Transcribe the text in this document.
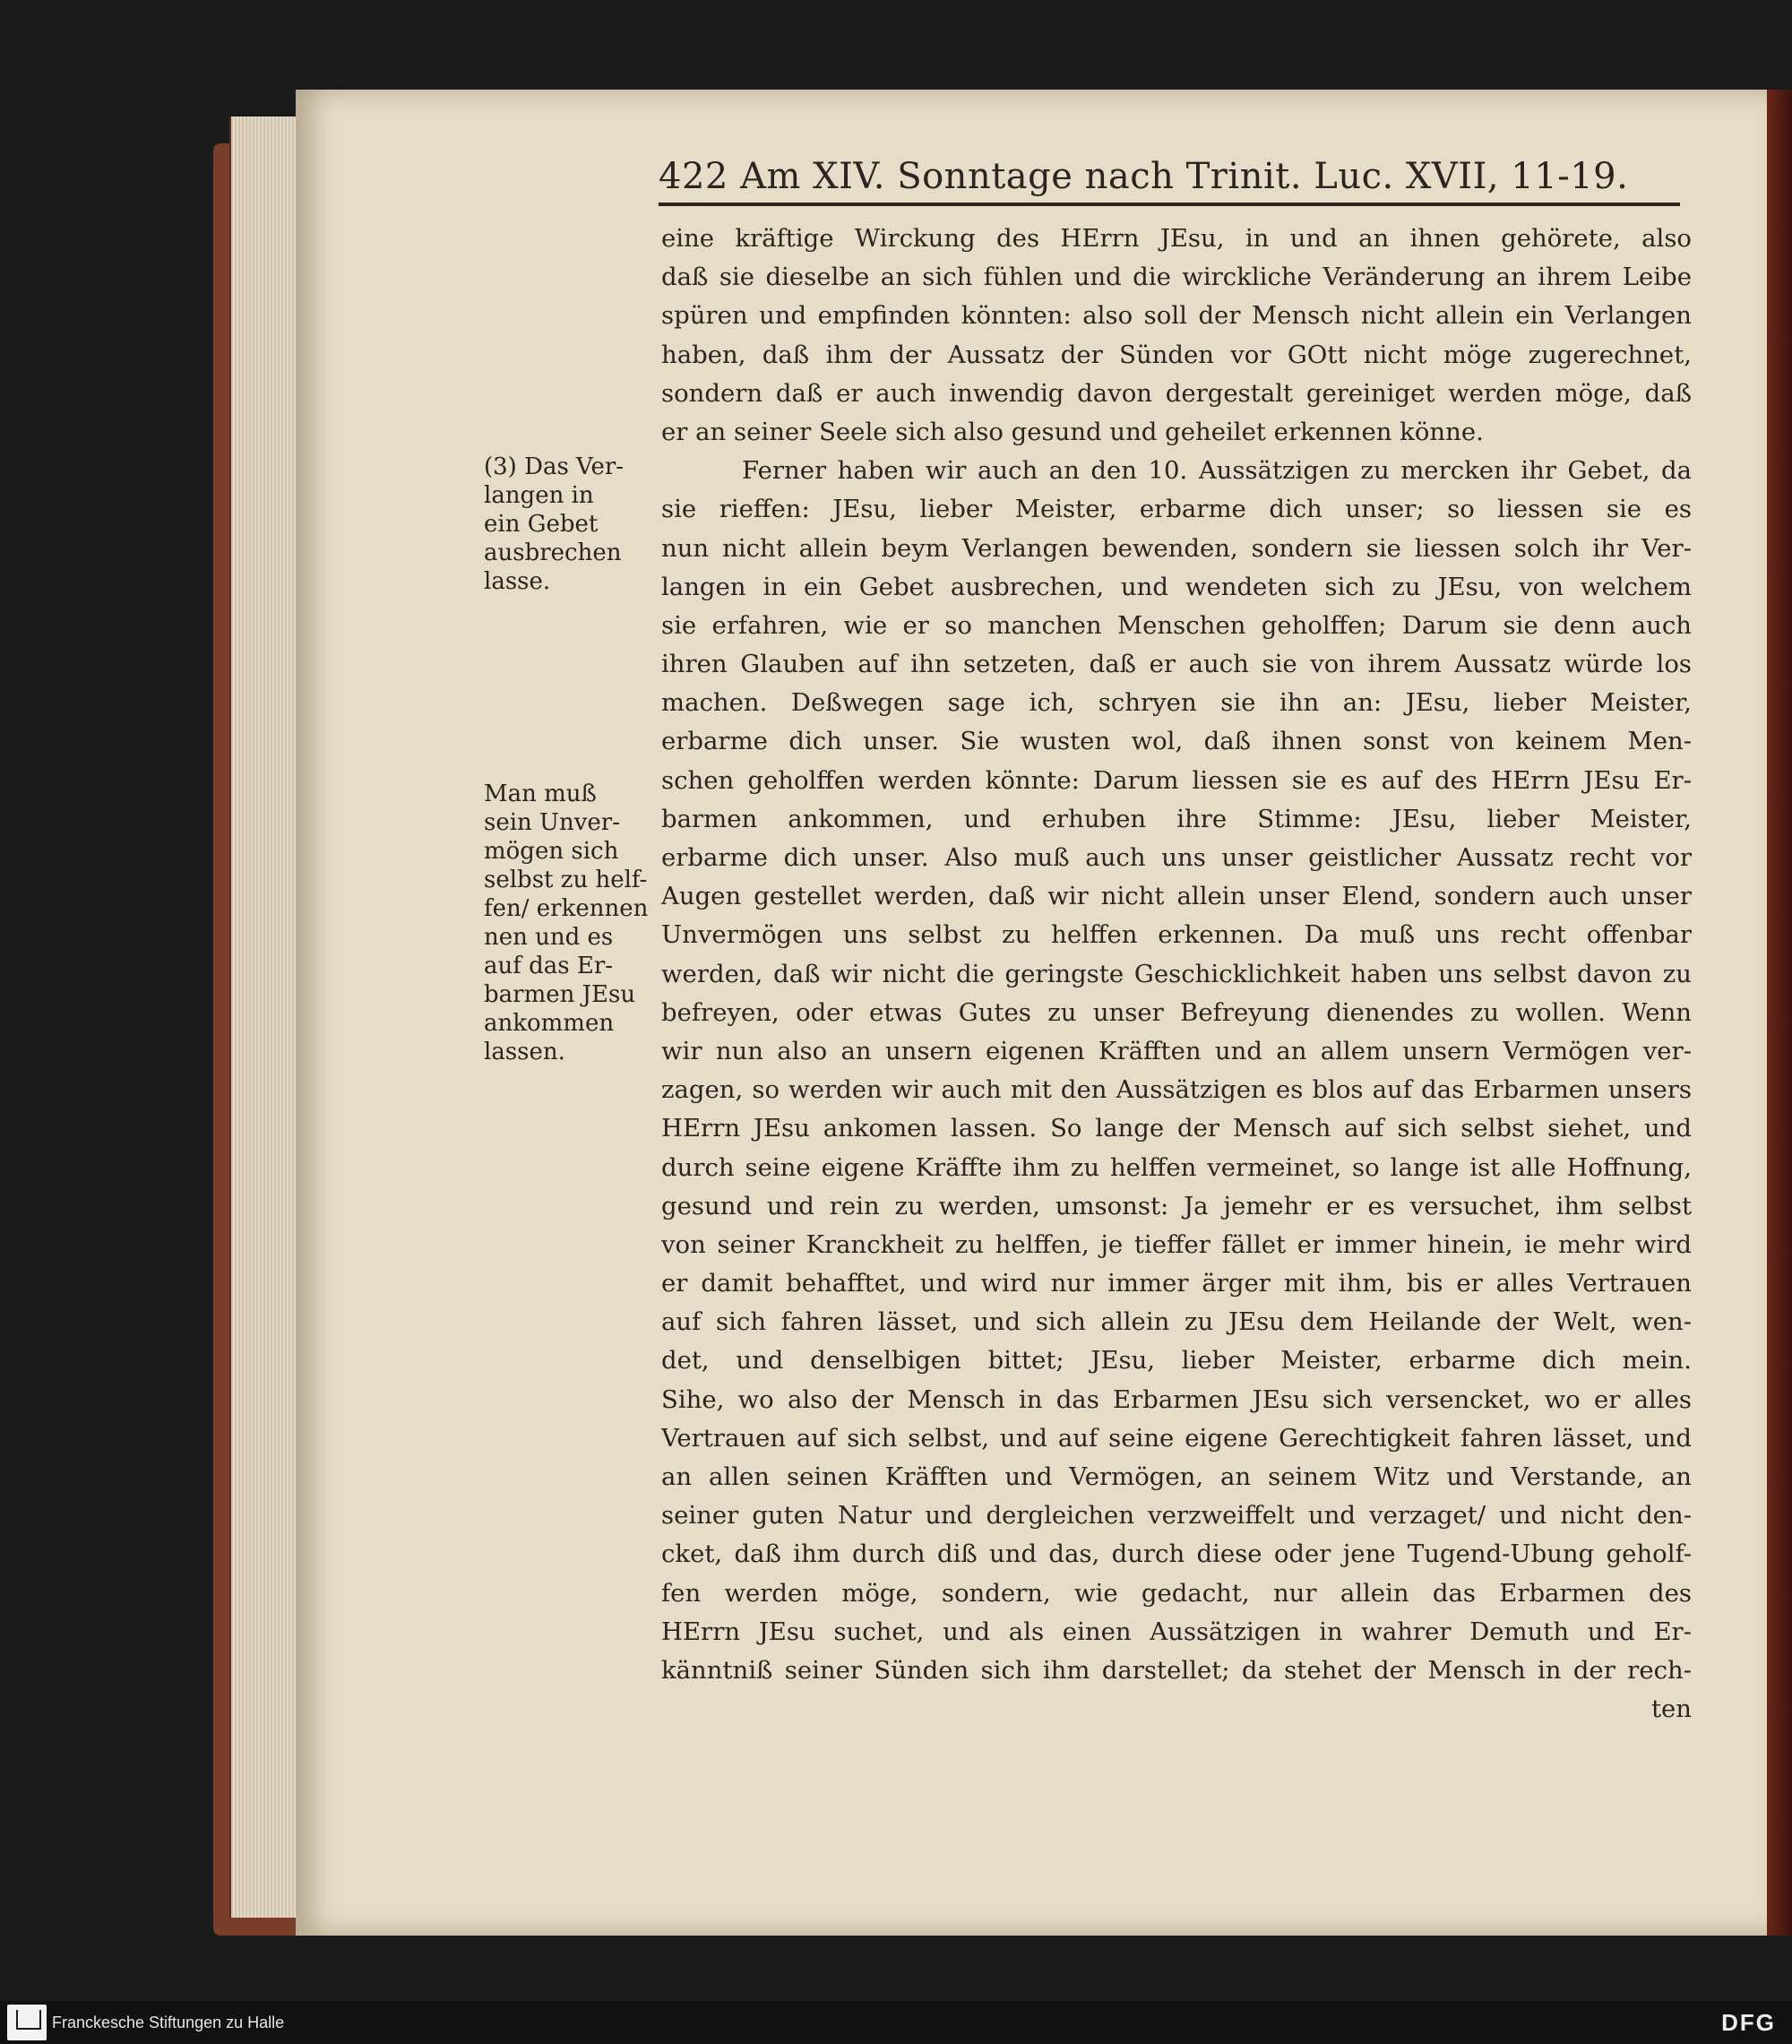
422 Am XIV. Sonntage nach Trinit. Luc. XVII, 11-19.
(3) Das Ver-
langen in
ein Gebet
ausbrechen
lasse.
Man muß
sein Unver-
mögen sich
selbst zu helf-
fen/ erkennen
nen und es
auf das Er-
barmen JEsu
ankommen
lassen.
eine kräftige Wirckung des HErrn JEsu, in und an ihnen gehörete, also
daß sie dieselbe an sich fühlen und die wirckliche Veränderung an ihrem Leibe
spüren und empfinden könnten: also soll der Mensch nicht allein ein Verlangen
haben, daß ihm der Aussatz der Sünden vor GOtt nicht möge zugerechnet,
sondern daß er auch inwendig davon dergestalt gereiniget werden möge, daß
er an seiner Seele sich also gesund und geheilet erkennen könne.
Ferner haben wir auch an den 10. Aussätzigen zu mercken ihr Gebet, da
sie rieffen: JEsu, lieber Meister, erbarme dich unser; so liessen sie es
nun nicht allein beym Verlangen bewenden, sondern sie liessen solch ihr Ver-
langen in ein Gebet ausbrechen, und wendeten sich zu JEsu, von welchem
sie erfahren, wie er so manchen Menschen geholffen; Darum sie denn auch
ihren Glauben auf ihn setzeten, daß er auch sie von ihrem Aussatz würde los
machen. Deßwegen sage ich, schryen sie ihn an: JEsu, lieber Meister,
erbarme dich unser. Sie wusten wol, daß ihnen sonst von keinem Men-
schen geholffen werden könnte: Darum liessen sie es auf des HErrn JEsu Er-
barmen ankommen, und erhuben ihre Stimme: JEsu, lieber Meister,
erbarme dich unser. Also muß auch uns unser geistlicher Aussatz recht vor
Augen gestellet werden, daß wir nicht allein unser Elend, sondern auch unser
Unvermögen uns selbst zu helffen erkennen. Da muß uns recht offenbar
werden, daß wir nicht die geringste Geschicklichkeit haben uns selbst davon zu
befreyen, oder etwas Gutes zu unser Befreyung dienendes zu wollen. Wenn
wir nun also an unsern eigenen Kräfften und an allem unsern Vermögen ver-
zagen, so werden wir auch mit den Aussätzigen es blos auf das Erbarmen unsers
HErrn JEsu ankomen lassen. So lange der Mensch auf sich selbst siehet, und
durch seine eigene Kräffte ihm zu helffen vermeinet, so lange ist alle Hoffnung,
gesund und rein zu werden, umsonst: Ja jemehr er es versuchet, ihm selbst
von seiner Kranckheit zu helffen, je tieffer fället er immer hinein, ie mehr wird
er damit behafftet, und wird nur immer ärger mit ihm, bis er alles Vertrauen
auf sich fahren lässet, und sich allein zu JEsu dem Heilande der Welt, wen-
det, und denselbigen bittet; JEsu, lieber Meister, erbarme dich mein.
Sihe, wo also der Mensch in das Erbarmen JEsu sich versencket, wo er alles
Vertrauen auf sich selbst, und auf seine eigene Gerechtigkeit fahren lässet, und
an allen seinen Kräfften und Vermögen, an seinem Witz und Verstande, an
seiner guten Natur und dergleichen verzweiffelt und verzaget/ und nicht den-
cket, daß ihm durch diß und das, durch diese oder jene Tugend-Ubung geholf-
fen werden möge, sondern, wie gedacht, nur allein das Erbarmen des
HErrn JEsu suchet, und als einen Aussätzigen in wahrer Demuth und Er-
känntniß seiner Sünden sich ihm darstellet; da stehet der Mensch in der rech-
ten
Franckesche Stiftungen zu Halle	DFG
